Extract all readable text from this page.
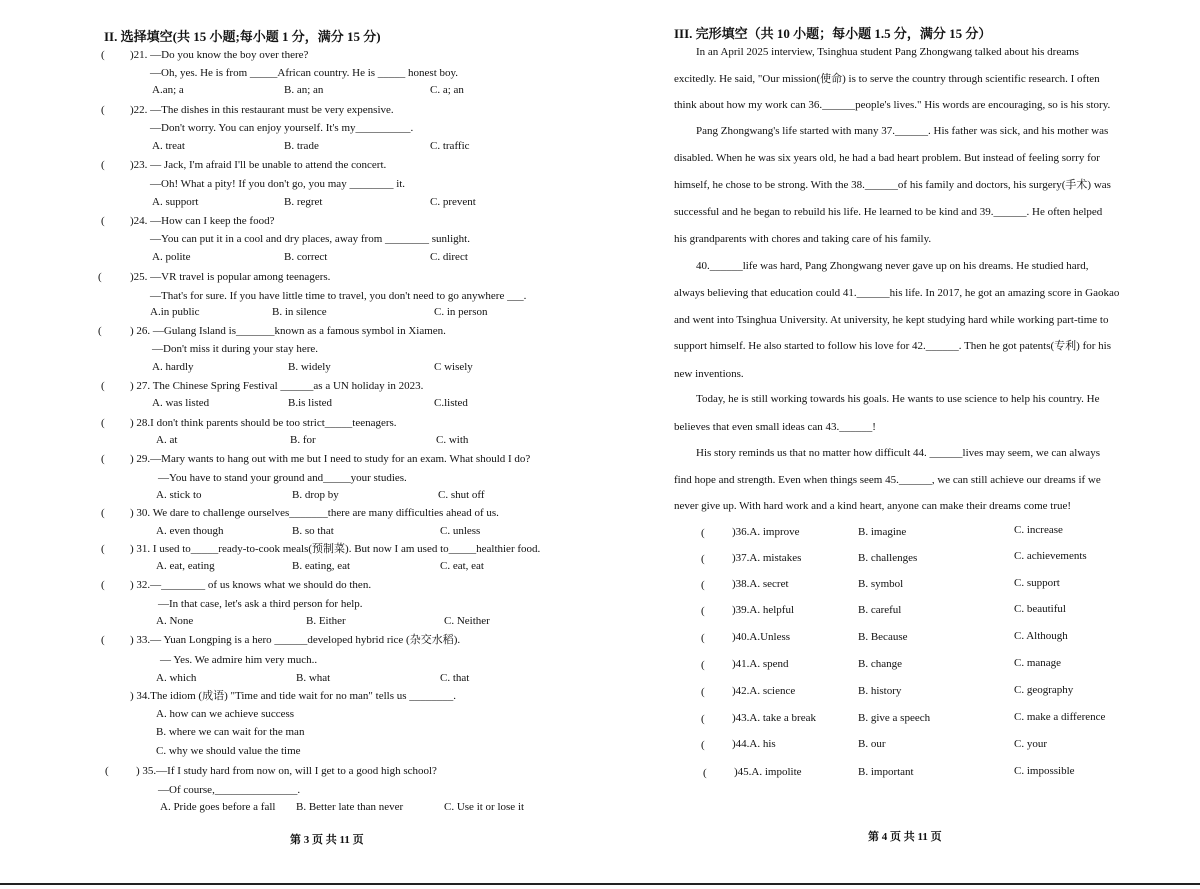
II. 选择填空(共 15 小题;每小题 1 分，满分 15 分)
( )21. —Do you know the boy over there?
—Oh, yes. He is from _____African country. He is _____ honest boy.
A.an; a	B. an; an	C. a; an
( )22. —The dishes in this restaurant must be very expensive.
—Don't worry. You can enjoy yourself. It's my__________.
A. treat	B. trade	C. traffic
( )23. — Jack, I'm afraid I'll be unable to attend the concert.
—Oh! What a pity! If you don't go, you may ________ it.
A. support	B. regret	C. prevent
( )24. —How can I keep the food?
—You can put it in a cool and dry places, away from ________ sunlight.
A. polite	B. correct	C. direct
(	)25. —VR travel is popular among teenagers.
—That's for sure. If you have little time to travel, you don't need to go anywhere ___.
A.in public	B. in silence	C. in person
(	) 26. —Gulang Island is_______known as a famous symbol in Xiamen.
—Don't miss it during your stay here.
A. hardly	B. widely	C wisely
( ) 27. The Chinese Spring Festival ______as a UN holiday in 2023.
A. was listed	B.is listed	C.listed
( ) 28.I don't think parents should be too strict_____teenagers.
A. at	B. for	C. with
( ) 29.—Mary wants to hang out with me but I need to study for an exam. What should I do?
—You have to stand your ground and_____your studies.
A. stick to	B. drop by	C. shut off
( ) 30. We dare to challenge ourselves_______there are many difficulties ahead of us.
A. even though	B. so that	C. unless
( ) 31. I used to_____ready-to-cook meals(预制菜). But now I am used to_____healthier food.
A. eat, eating	B. eating, eat	C. eat, eat
( ) 32.—________ of us knows what we should do then.
—In that case, let's ask a third person for help.
A. None	B. Either	C. Neither
( ) 33.— Yuan Longping is a hero ______developed hybrid rice (杂交水稻).
— Yes. We admire him very much..
A. which	B. what	C. that
) 34.The idiom (成语) "Time and tide wait for no man" tells us ________.
A. how can we achieve success
B. where we can wait for the man
C. why we should value the time
( ) 35.—If I study hard from now on, will I get to a good high school?
—Of course,_______________.
A. Pride goes before a fall B. Better late than never	C. Use it or lose it
第 3 页 共 11 页
III. 完形填空（共 10 小题；每小题 1.5 分，满分 15 分）
In an April 2025 interview, Tsinghua student Pang Zhongwang talked about his dreams
excitedly. He said, "Our mission(使命) is to serve the country through scientific research. I often
think about how my work can 36.______people's lives." His words are encouraging, so is his story.
Pang Zhongwang's life started with many 37.______. His father was sick, and his mother was
disabled. When he was six years old, he had a bad heart problem. But instead of feeling sorry for
himself, he chose to be strong. With the 38.______of his family and doctors, his surgery(手术) was
successful and he began to rebuild his life. He learned to be kind and 39.______. He often helped
his grandparents with chores and taking care of his family.
40.______life was hard, Pang Zhongwang never gave up on his dreams. He studied hard,
always believing that education could 41.______his life. In 2017, he got an amazing score in Gaokao
and went into Tsinghua University. At university, he kept studying hard while working part-time to
support himself. He also started to follow his love for 42.______. Then he got patents(专利) for his
new inventions.
Today, he is still working towards his goals. He wants to use science to help his country. He
believes that even small ideas can 43.______!
His story reminds us that no matter how difficult 44. ______lives may seem, we can always
find hope and strength. Even when things seem 45.______, we can still achieve our dreams if we
never give up. With hard work and a kind heart, anyone can make their dreams come true!
( )36.A. improve	B. imagine	C. increase
( )37.A. mistakes	B. challenges	C. achievements
( )38.A. secret	B. symbol	C. support
( )39.A. helpful	B. careful	C. beautiful
( )40.A.Unless	B. Because	C. Although
( )41.A. spend	B. change	C. manage
( )42.A. science	B. history	C. geography
( )43.A. take a break	B. give a speech	C. make a difference
( )44.A. his	B. our	C. your
( )45.A. impolite	B. important	C. impossible
第 4 页 共 11 页
